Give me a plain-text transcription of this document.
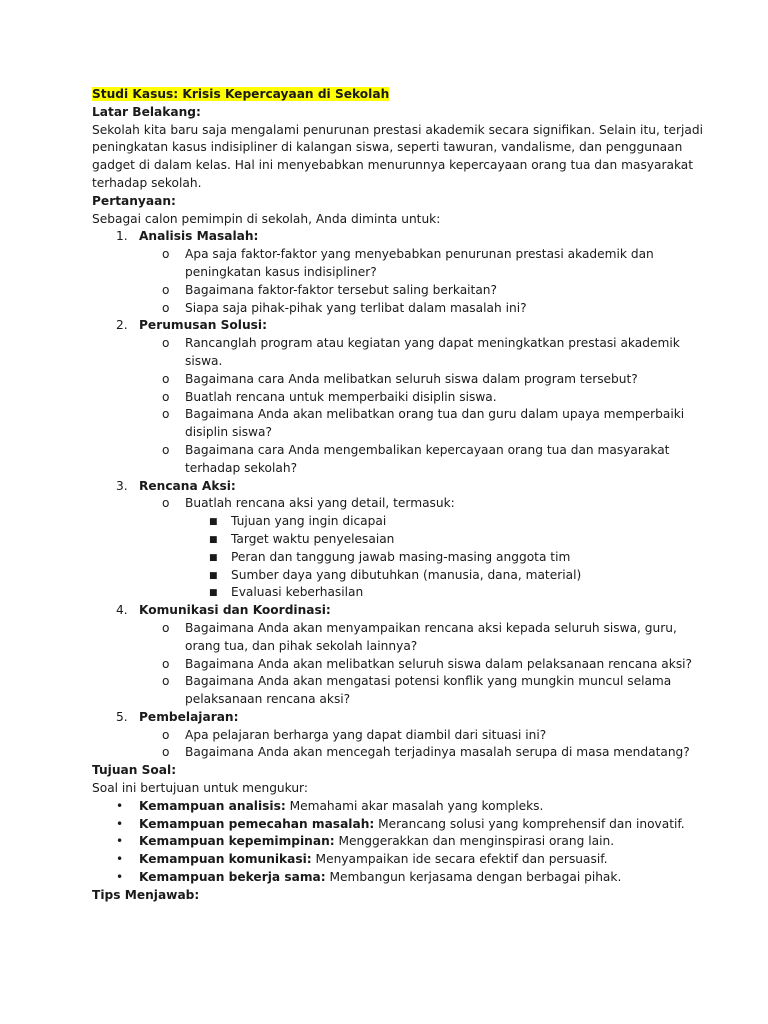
Studi Kasus: Krisis Kepercayaan di Sekolah
Latar Belakang:
Sekolah kita baru saja mengalami penurunan prestasi akademik secara signifikan. Selain itu, terjadi
peningkatan kasus indisipliner di kalangan siswa, seperti tawuran, vandalisme, dan penggunaan
gadget di dalam kelas. Hal ini menyebabkan menurunnya kepercayaan orang tua dan masyarakat
terhadap sekolah.
Pertanyaan:
Sebagai calon pemimpin di sekolah, Anda diminta untuk:
1. Analisis Masalah:
o Apa saja faktor-faktor yang menyebabkan penurunan prestasi akademik dan
peningkatan kasus indisipliner?
o Bagaimana faktor-faktor tersebut saling berkaitan?
o Siapa saja pihak-pihak yang terlibat dalam masalah ini?
2. Perumusan Solusi:
o Rancanglah program atau kegiatan yang dapat meningkatkan prestasi akademik
siswa.
o Bagaimana cara Anda melibatkan seluruh siswa dalam program tersebut?
o Buatlah rencana untuk memperbaiki disiplin siswa.
o Bagaimana Anda akan melibatkan orang tua dan guru dalam upaya memperbaiki
disiplin siswa?
o Bagaimana cara Anda mengembalikan kepercayaan orang tua dan masyarakat
terhadap sekolah?
3. Rencana Aksi:
o Buatlah rencana aksi yang detail, termasuk:
■ Tujuan yang ingin dicapai
■ Target waktu penyelesaian
■ Peran dan tanggung jawab masing-masing anggota tim
■ Sumber daya yang dibutuhkan (manusia, dana, material)
■ Evaluasi keberhasilan
4. Komunikasi dan Koordinasi:
o Bagaimana Anda akan menyampaikan rencana aksi kepada seluruh siswa, guru,
orang tua, dan pihak sekolah lainnya?
o Bagaimana Anda akan melibatkan seluruh siswa dalam pelaksanaan rencana aksi?
o Bagaimana Anda akan mengatasi potensi konflik yang mungkin muncul selama
pelaksanaan rencana aksi?
5. Pembelajaran:
o Apa pelajaran berharga yang dapat diambil dari situasi ini?
o Bagaimana Anda akan mencegah terjadinya masalah serupa di masa mendatang?
Tujuan Soal:
Soal ini bertujuan untuk mengukur:
• Kemampuan analisis: Memahami akar masalah yang kompleks.
• Kemampuan pemecahan masalah: Merancang solusi yang komprehensif dan inovatif.
• Kemampuan kepemimpinan: Menggerakkan dan menginspirasi orang lain.
• Kemampuan komunikasi: Menyampaikan ide secara efektif dan persuasif.
• Kemampuan bekerja sama: Membangun kerjasama dengan berbagai pihak.
Tips Menjawab:
